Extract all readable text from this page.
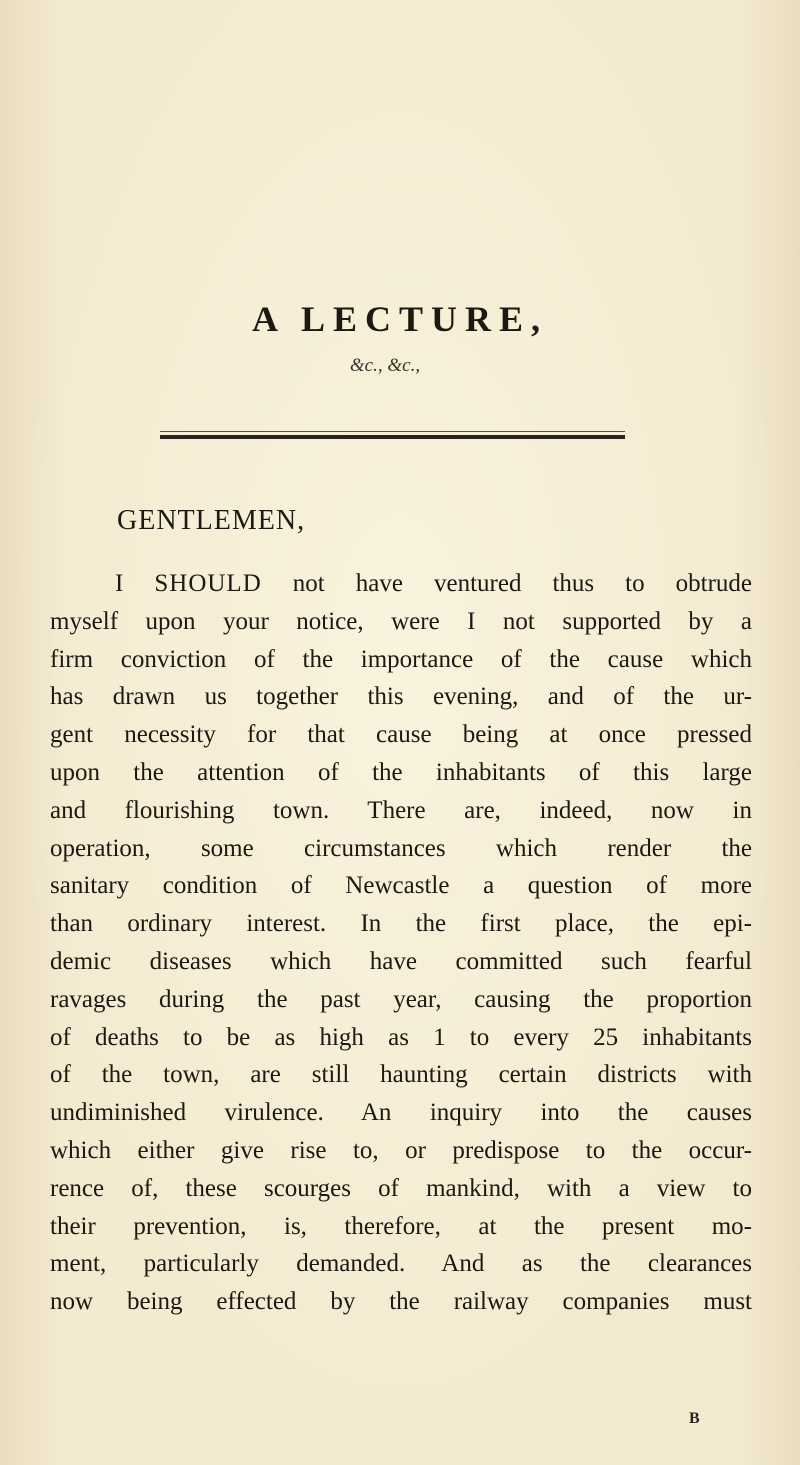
A LECTURE,
&c., &c.,
GENTLEMEN,
I SHOULD not have ventured thus to obtrude
myself upon your notice, were I not supported by a
firm conviction of the importance of the cause which
has drawn us together this evening, and of the ur-
gent necessity for that cause being at once pressed
upon the attention of the inhabitants of this large
and flourishing town. There are, indeed, now in
operation, some circumstances which render the
sanitary condition of Newcastle a question of more
than ordinary interest. In the first place, the epi-
demic diseases which have committed such fearful
ravages during the past year, causing the proportion
of deaths to be as high as 1 to every 25 inhabitants
of the town, are still haunting certain districts with
undiminished virulence. An inquiry into the causes
which either give rise to, or predispose to the occur-
rence of, these scourges of mankind, with a view to
their prevention, is, therefore, at the present mo-
ment, particularly demanded. And as the clearances
now being effected by the railway companies must
B
